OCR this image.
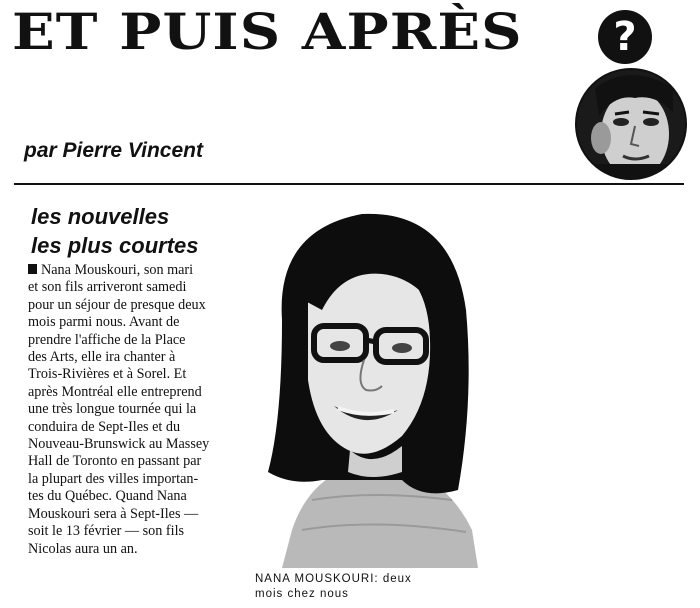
ET PUIS APRÈS	?
par Pierre Vincent
les nouvelles
les plus courtes
Nana Mouskouri, son mari
et son fils arriveront samedi
pour un séjour de presque deux
mois parmi nous. Avant de
prendre l'affiche de la Place
des Arts, elle ira chanter à
Trois-Rivières et à Sorel. Et
après Montréal elle entreprend
une très longue tournée qui la
conduira de Sept-Iles et du
Nouveau-Brunswick au Massey
Hall de Toronto en passant par
la plupart des villes importan-
tes du Québec. Quand Nana
Mouskouri sera à Sept-Iles —
soit le 13 février — son fils
Nicolas aura un an.
NANA MOUSKOURI: deux
mois chez nous
